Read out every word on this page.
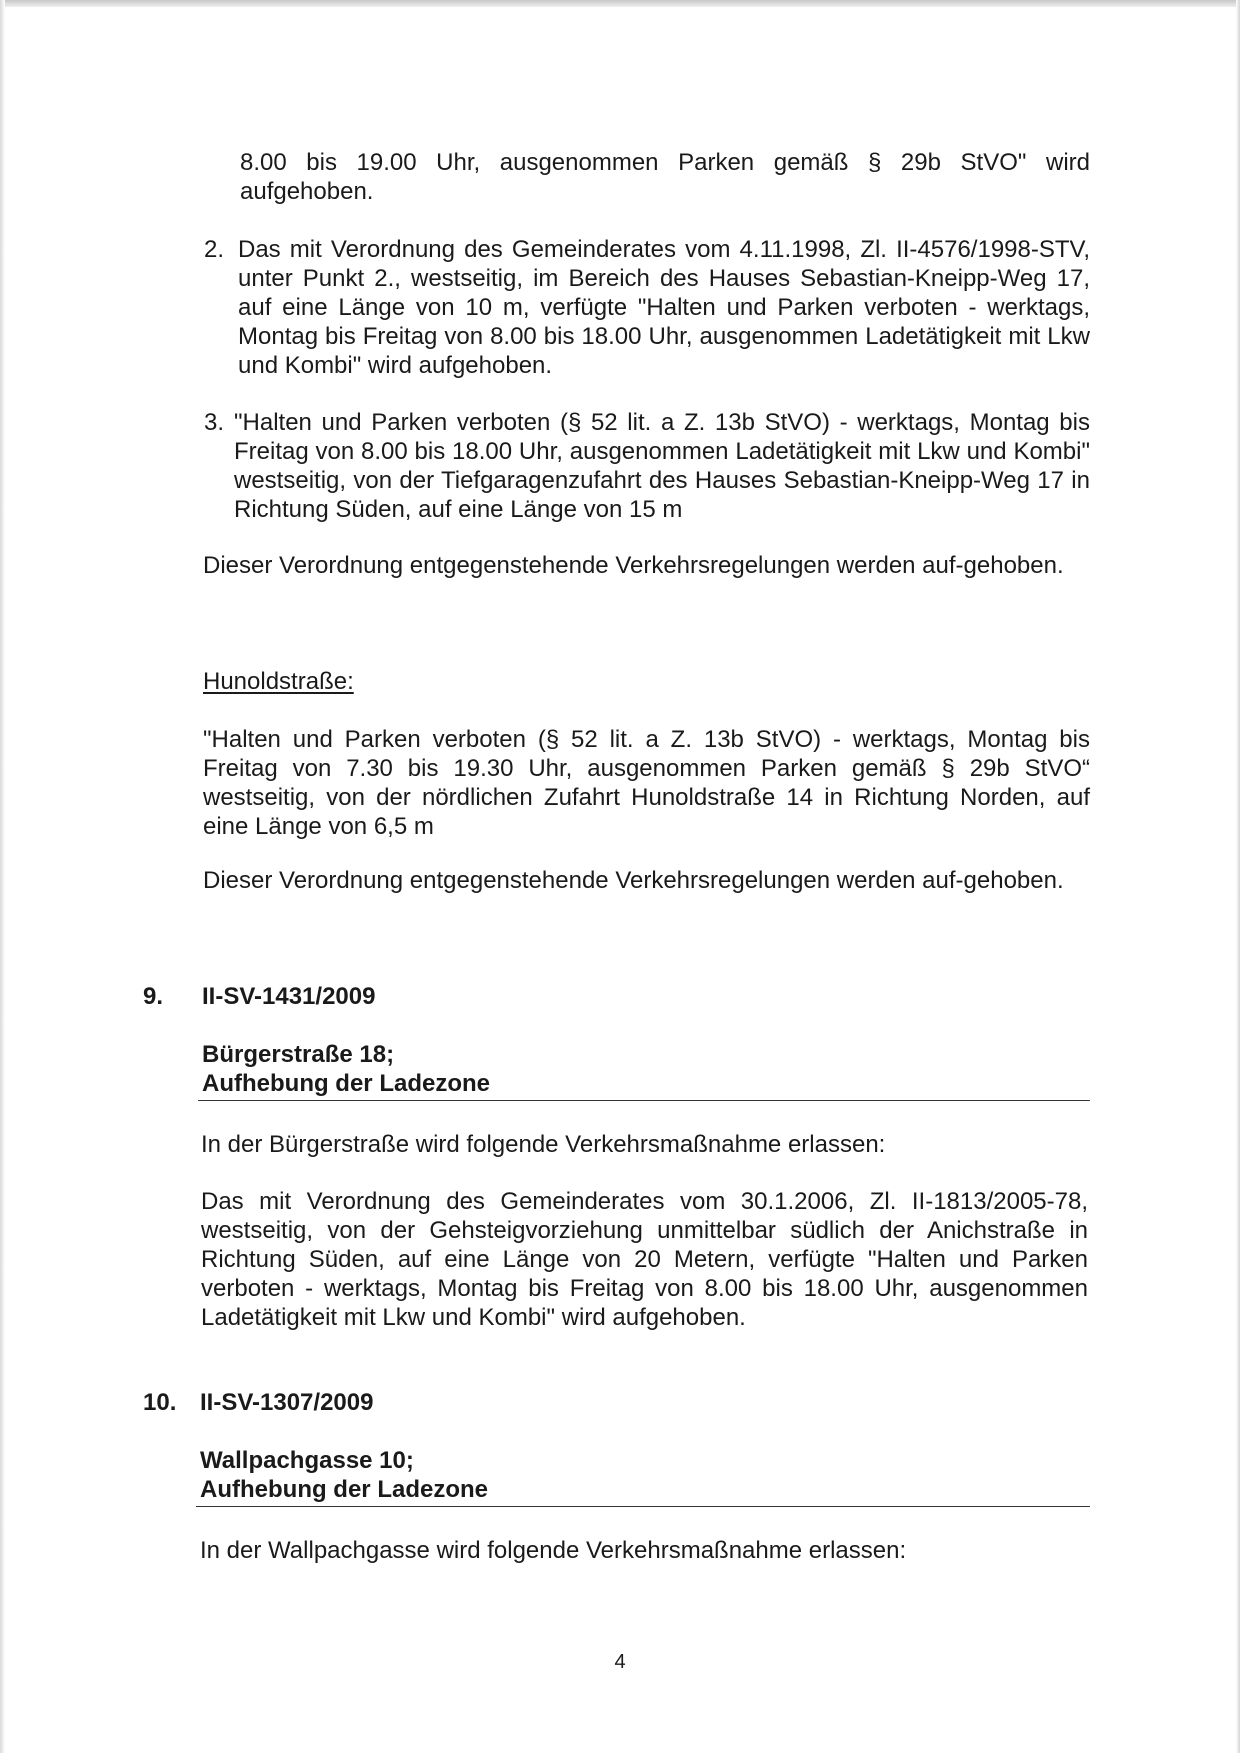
8.00 bis 19.00 Uhr, ausgenommen Parken gemäß § 29b StVO" wird aufgehoben.

2. Das mit Verordnung des Gemeinderates vom 4.11.1998, Zl. II-4576/1998-STV, unter Punkt 2., westseitig, im Bereich des Hauses Sebastian-Kneipp-Weg 17, auf eine Länge von 10 m, verfügte "Halten und Parken verboten - werktags, Montag bis Freitag von 8.00 bis 18.00 Uhr, ausgenommen Ladetätigkeit mit Lkw und Kombi" wird aufgehoben.

3. "Halten und Parken verboten (§ 52 lit. a Z. 13b StVO) - werktags, Montag bis Freitag von 8.00 bis 18.00 Uhr, ausgenommen Ladetätigkeit mit Lkw und Kombi" westseitig, von der Tiefgaragenzufahrt des Hauses Sebastian-Kneipp-Weg 17 in Richtung Süden, auf eine Länge von 15 m

Dieser Verordnung entgegenstehende Verkehrsregelungen werden auf-gehoben.

Hunoldstraße:

"Halten und Parken verboten (§ 52 lit. a Z. 13b StVO) - werktags, Montag bis Freitag von 7.30 bis 19.30 Uhr, ausgenommen Parken gemäß § 29b StVO“ westseitig, von der nördlichen Zufahrt Hunoldstraße 14 in Richtung Norden, auf eine Länge von 6,5 m

Dieser Verordnung entgegenstehende Verkehrsregelungen werden auf-gehoben.

9. II-SV-1431/2009

Bürgerstraße 18;

Aufhebung der Ladezone

In der Bürgerstraße wird folgende Verkehrsmaßnahme erlassen:

Das mit Verordnung des Gemeinderates vom 30.1.2006, Zl. II-1813/2005-78, westseitig, von der Gehsteigvorziehung unmittelbar südlich der Anichstraße in Richtung Süden, auf eine Länge von 20 Metern, verfügte "Halten und Parken verboten - werktags, Montag bis Freitag von 8.00 bis 18.00 Uhr, ausgenommen Ladetätigkeit mit Lkw und Kombi" wird aufgehoben.

10. II-SV-1307/2009

Wallpachgasse 10;

Aufhebung der Ladezone

In der Wallpachgasse wird folgende Verkehrsmaßnahme erlassen:

4
